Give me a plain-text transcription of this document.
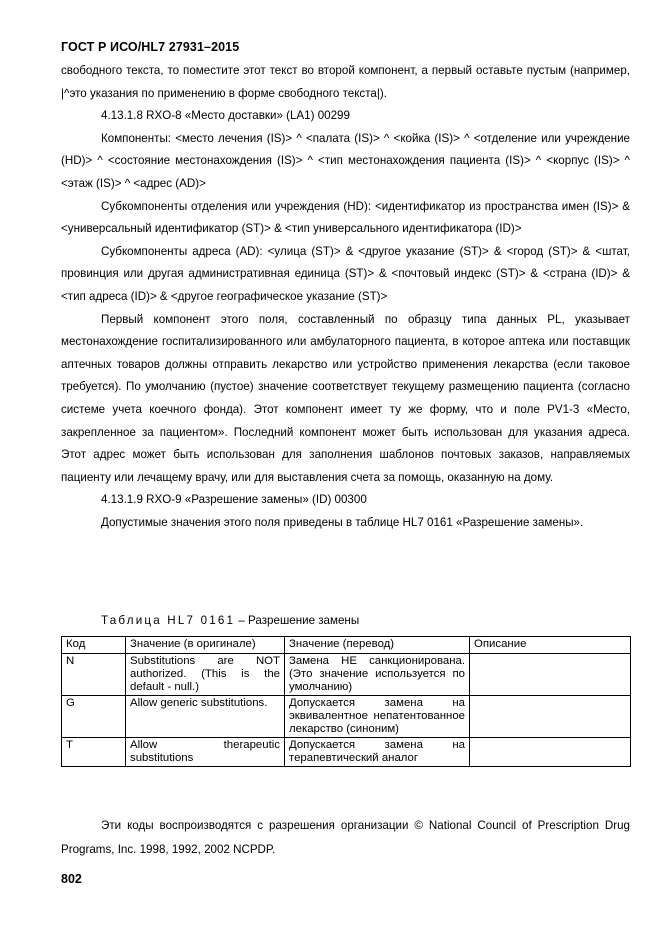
ГОСТ Р ИСО/HL7 27931–2015

свободного текста, то поместите этот текст во второй компонент, а первый оставьте пустым (например, |^это указания по применению в форме свободного текста|).

4.13.1.8 RXO-8 «Место доставки» (LA1) 00299

Компоненты: <место лечения (IS)> ^ <палата (IS)> ^ <койка (IS)> ^ <отделение или учреждение (HD)> ^ <состояние местонахождения (IS)> ^ <тип местонахождения пациента (IS)> ^ <корпус (IS)> ^ <этаж (IS)> ^ <адрес (AD)>

Субкомпоненты отделения или учреждения (HD): <идентификатор из пространства имен (IS)> & <универсальный идентификатор (ST)> & <тип универсального идентификатора (ID)>

Субкомпоненты адреса (AD): <улица (ST)> & <другое указание (ST)> & <город (ST)> & <штат, провинция или другая административная единица (ST)> & <почтовый индекс (ST)> & <страна (ID)> & <тип адреса (ID)> & <другое географическое указание (ST)>

Первый компонент этого поля, составленный по образцу типа данных PL, указывает местонахождение госпитализированного или амбулаторного пациента, в которое аптека или поставщик аптечных товаров должны отправить лекарство или устройство применения лекарства (если таковое требуется). По умолчанию (пустое) значение соответствует текущему размещению пациента (согласно системе учета коечного фонда). Этот компонент имеет ту же форму, что и поле PV1-3 «Место, закрепленное за пациентом». Последний компонент может быть использован для указания адреса. Этот адрес может быть использован для заполнения шаблонов почтовых заказов, направляемых пациенту или лечащему врачу, или для выставления счета за помощь, оказанную на дому.

4.13.1.9 RXO-9 «Разрешение замены» (ID) 00300

Допустимые значения этого поля приведены в таблице HL7 0161 «Разрешение замены».

Таблица HL7 0161 – Разрешение замены
Код	Значение (в оригинале)	Значение (перевод)	Описание
N	Substitutions are NOT authorized. (This is the default - null.)	Замена НЕ санкционирована. (Это значение используется по умолчанию)	
G	Allow generic substitutions.	Допускается замена на эквивалентное непатентованное лекарство (синоним)	
T	Allow therapeutic substitutions	Допускается замена на терапевтический аналог	

Эти коды воспроизводятся с разрешения организации © National Council of Prescription Drug Programs, Inc. 1998, 1992, 2002 NCPDP.

802
